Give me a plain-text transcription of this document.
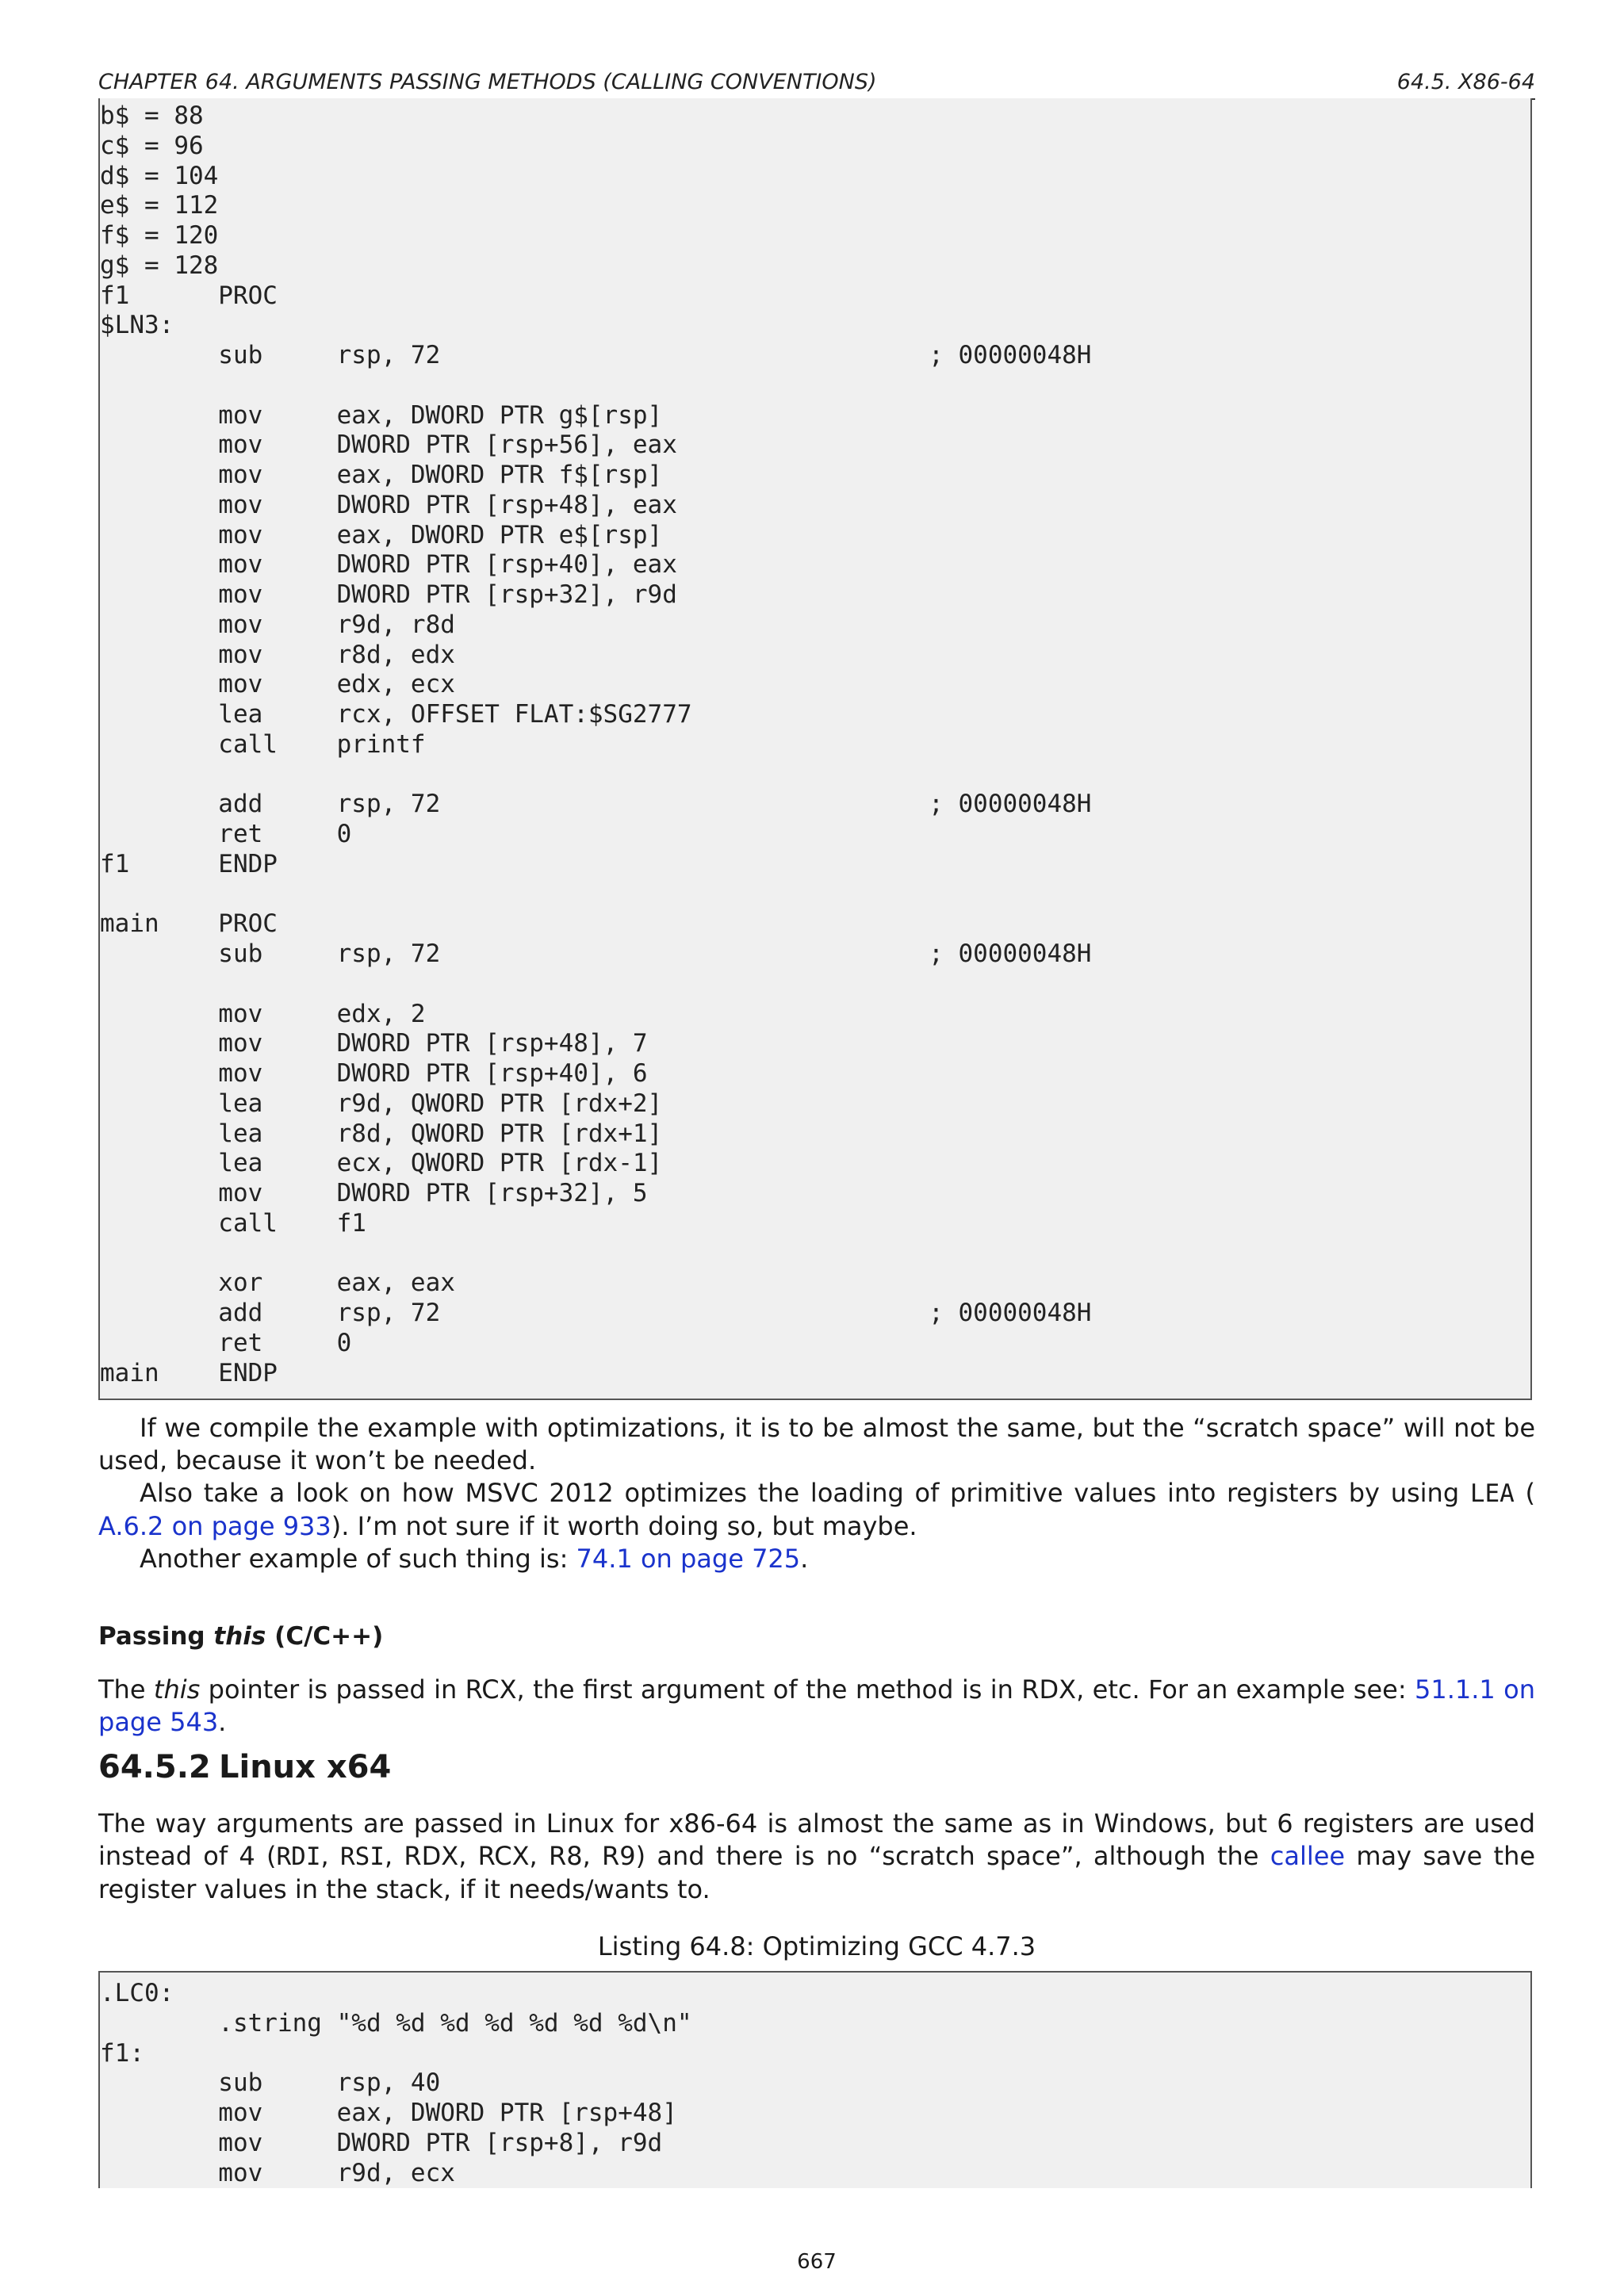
CHAPTER 64. ARGUMENTS PASSING METHODS (CALLING CONVENTIONS)	64.5. X86-64
b$ = 88
c$ = 96
d$ = 104
e$ = 112
f$ = 120
g$ = 128
f1      PROC
$LN3:
sub     rsp, 72                                 ; 00000048H
mov     eax, DWORD PTR g$[rsp]
mov     DWORD PTR [rsp+56], eax
mov     eax, DWORD PTR f$[rsp]
mov     DWORD PTR [rsp+48], eax
mov     eax, DWORD PTR e$[rsp]
mov     DWORD PTR [rsp+40], eax
mov     DWORD PTR [rsp+32], r9d
mov     r9d, r8d
mov     r8d, edx
mov     edx, ecx
lea     rcx, OFFSET FLAT:$SG2777
call    printf
add     rsp, 72                                 ; 00000048H
ret     0
f1      ENDP
main    PROC
sub     rsp, 72                                 ; 00000048H
mov     edx, 2
mov     DWORD PTR [rsp+48], 7
mov     DWORD PTR [rsp+40], 6
lea     r9d, QWORD PTR [rdx+2]
lea     r8d, QWORD PTR [rdx+1]
lea     ecx, QWORD PTR [rdx-1]
mov     DWORD PTR [rsp+32], 5
call    f1
xor     eax, eax
add     rsp, 72                                 ; 00000048H
ret     0
main    ENDP

If we compile the example with optimizations, it is to be almost the same, but the “scratch space” will not be used, because it won’t be needed.

Also take a look on how MSVC 2012 optimizes the loading of primitive values into registers by using LEA ( A.6.2 on page 933). I’m not sure if it worth doing so, but maybe.

Another example of such thing is: 74.1 on page 725.

Passing this (C/C++)

The this pointer is passed in RCX, the first argument of the method is in RDX, etc. For an example see: 51.1.1 on page 543.

64.5.2 Linux x64

The way arguments are passed in Linux for x86-64 is almost the same as in Windows, but 6 registers are used instead of 4 (RDI, RSI, RDX, RCX, R8, R9) and there is no “scratch space”, although the callee may save the register values in the stack, if it needs/wants to.

Listing 64.8: Optimizing GCC 4.7.3
.LC0:
.string "%d %d %d %d %d %d %d\n"
f1:
sub     rsp, 40
mov     eax, DWORD PTR [rsp+48]
mov     DWORD PTR [rsp+8], r9d
mov     r9d, ecx
667
